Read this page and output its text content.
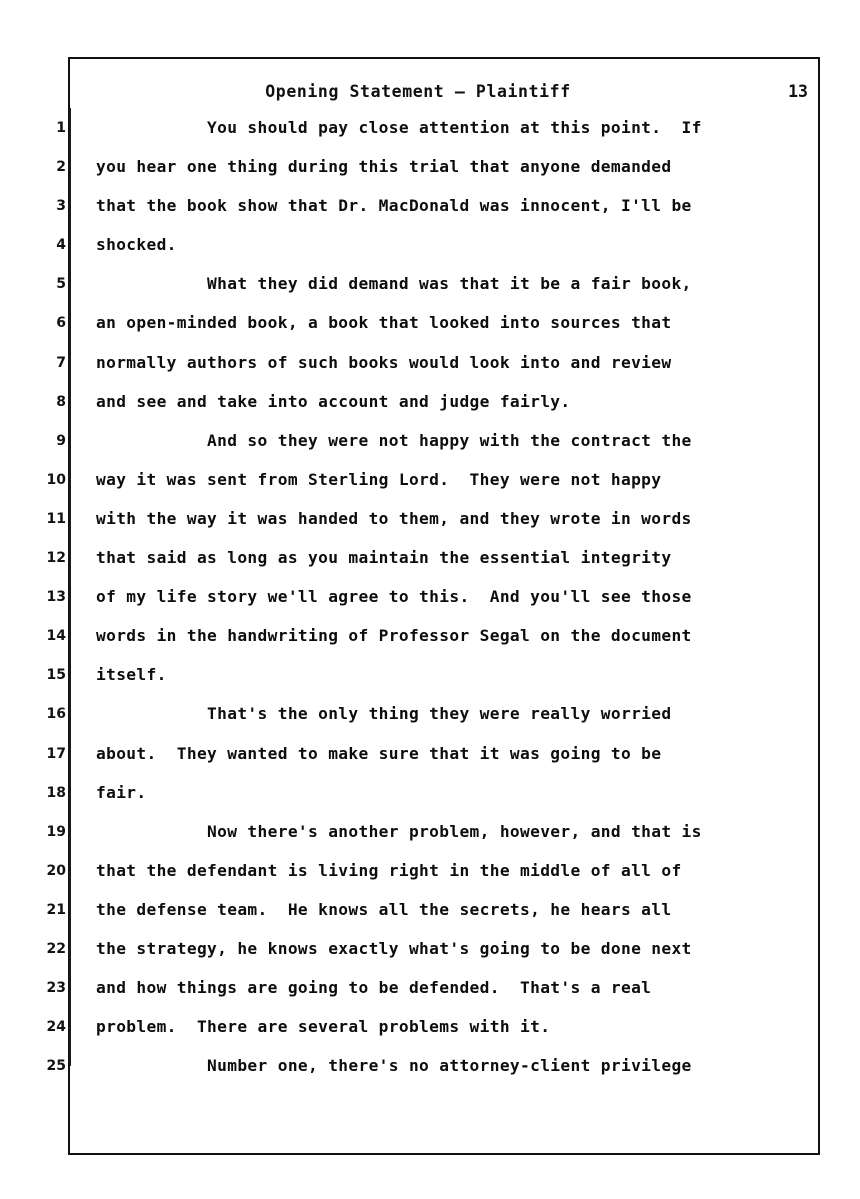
Opening Statement – Plaintiff	13
1
2
3
4
5
6
7
8
9
10
11
12
13
14
15
16
17
18
19
20
21
22
23
24
25
You should pay close attention at this point.  If
you hear one thing during this trial that anyone demanded
that the book show that Dr. MacDonald was innocent, I'll be
shocked.
What they did demand was that it be a fair book,
an open-minded book, a book that looked into sources that
normally authors of such books would look into and review
and see and take into account and judge fairly.
And so they were not happy with the contract the
way it was sent from Sterling Lord.  They were not happy
with the way it was handed to them, and they wrote in words
that said as long as you maintain the essential integrity
of my life story we'll agree to this.  And you'll see those
words in the handwriting of Professor Segal on the document
itself.
That's the only thing they were really worried
about.  They wanted to make sure that it was going to be
fair.
Now there's another problem, however, and that is
that the defendant is living right in the middle of all of
the defense team.  He knows all the secrets, he hears all
the strategy, he knows exactly what's going to be done next
and how things are going to be defended.  That's a real
problem.  There are several problems with it.
Number one, there's no attorney-client privilege
